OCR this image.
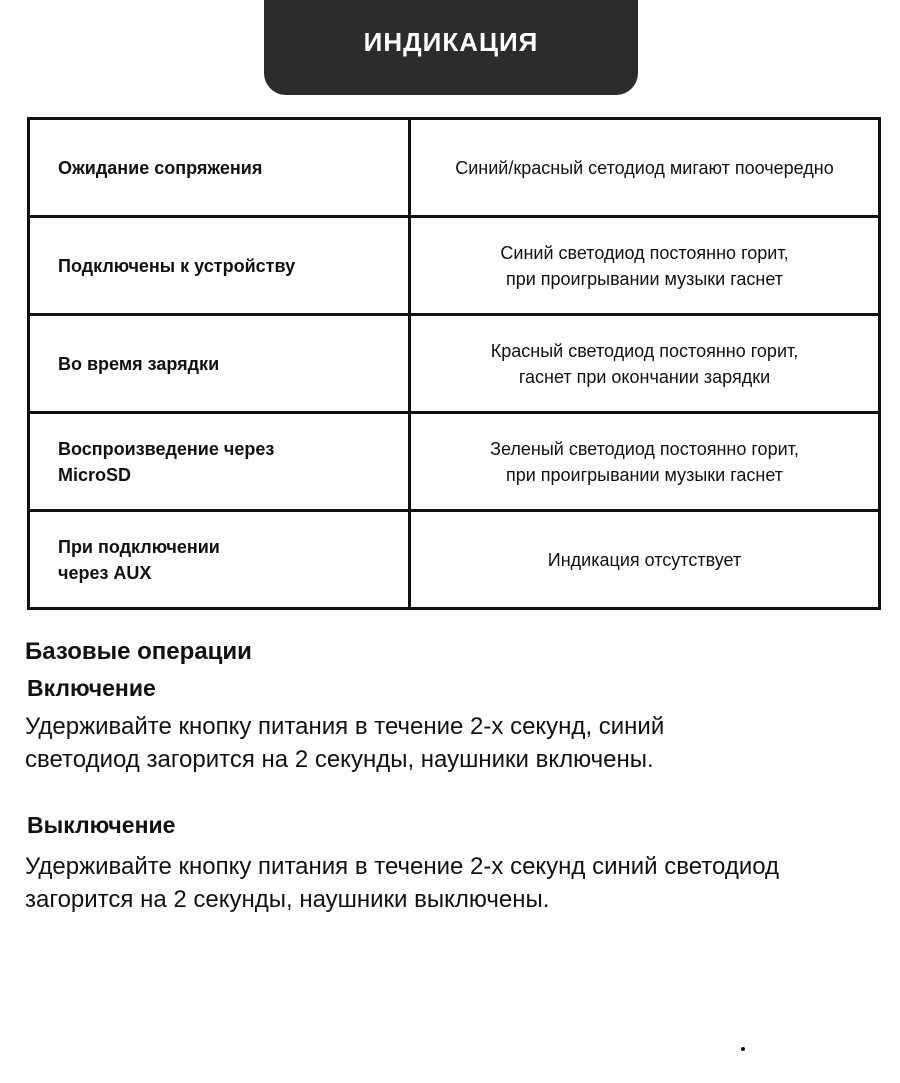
ИНДИКАЦИЯ
Ожидание сопряжения	Синий/красный сетодиод мигают поочередно
Подключены к устройству	Синий светодиод постоянно горит,
при проигрывании музыки гаснет
Во время зарядки	Красный светодиод постоянно горит,
гаснет при окончании зарядки
Воспроизведение через
MicroSD	Зеленый светодиод постоянно горит,
при проигрывании музыки гаснет
При подключении
через AUX	Индикация отсутствует
Базовые операции
Включение
Удерживайте кнопку питания в течение 2-х секунд, синий
светодиод загорится на 2 секунды, наушники включены.
Выключение
Удерживайте кнопку питания в течение 2-х секунд синий светодиод
загорится на 2 секунды, наушники выключены.
